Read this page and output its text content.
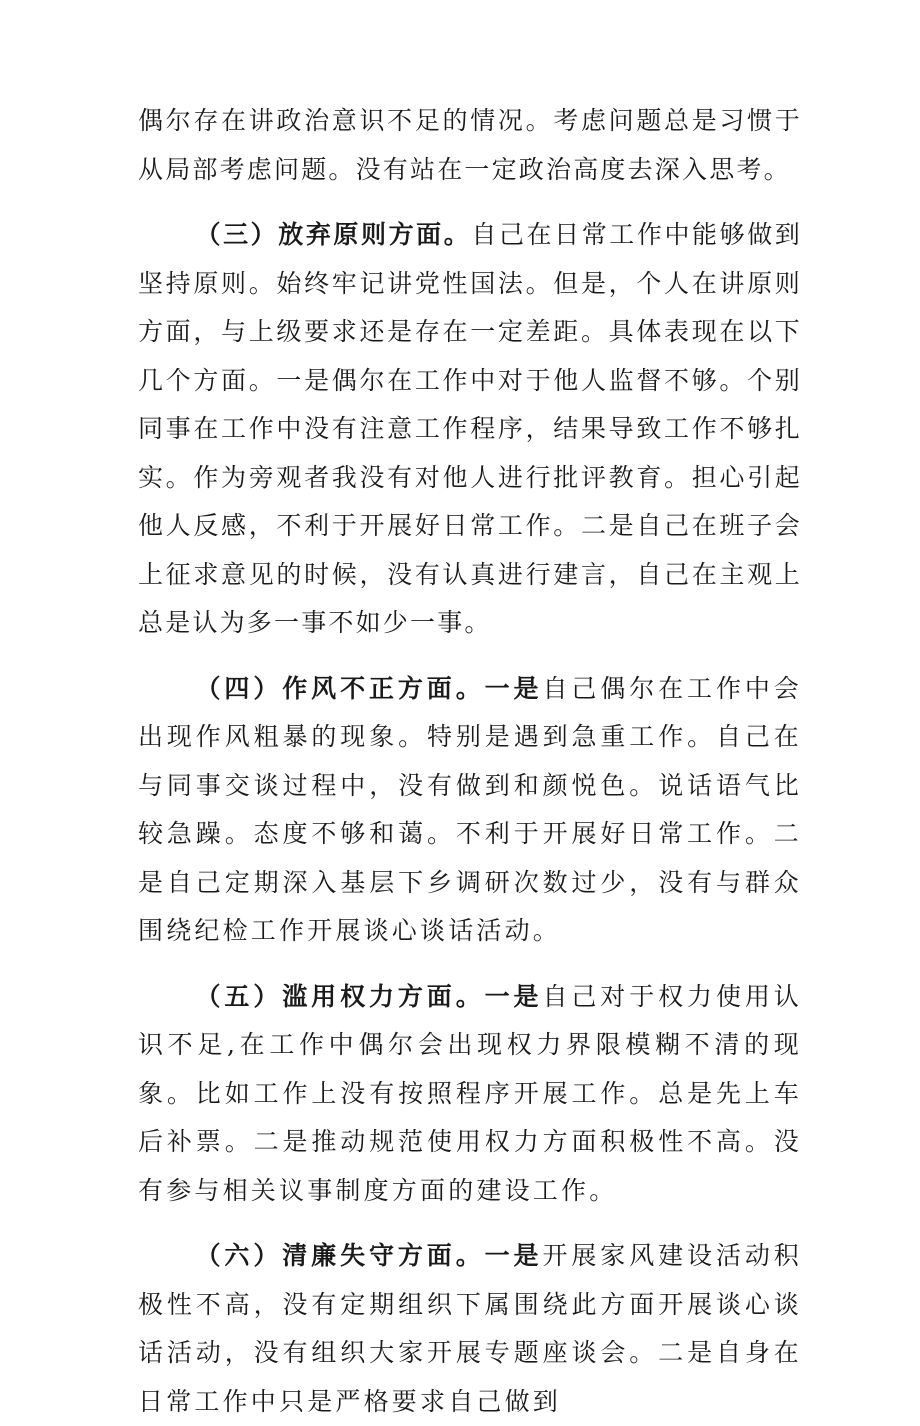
偶尔存在讲政治意识不足的情况。考虑问题总是习惯于从局部考虑问题。没有站在一定政治高度去深入思考。

（三）放弃原则方面。自己在日常工作中能够做到坚持原则。始终牢记讲党性国法。但是，个人在讲原则方面，与上级要求还是存在一定差距。具体表现在以下几个方面。一是偶尔在工作中对于他人监督不够。个别同事在工作中没有注意工作程序，结果导致工作不够扎实。作为旁观者我没有对他人进行批评教育。担心引起他人反感，不利于开展好日常工作。二是自己在班子会上征求意见的时候，没有认真进行建言，自己在主观上总是认为多一事不如少一事。

（四）作风不正方面。一是自己偶尔在工作中会出现作风粗暴的现象。特别是遇到急重工作。自己在与同事交谈过程中，没有做到和颜悦色。说话语气比较急躁。态度不够和蔼。不利于开展好日常工作。二是自己定期深入基层下乡调研次数过少，没有与群众围绕纪检工作开展谈心谈话活动。

（五）滥用权力方面。一是自己对于权力使用认识不足,在工作中偶尔会出现权力界限模糊不清的现象。比如工作上没有按照程序开展工作。总是先上车后补票。二是推动规范使用权力方面积极性不高。没有参与相关议事制度方面的建设工作。

（六）清廉失守方面。一是开展家风建设活动积极性不高，没有定期组织下属围绕此方面开展谈心谈话活动，没有组织大家开展专题座谈会。二是自身在日常工作中只是严格要求自己做到
